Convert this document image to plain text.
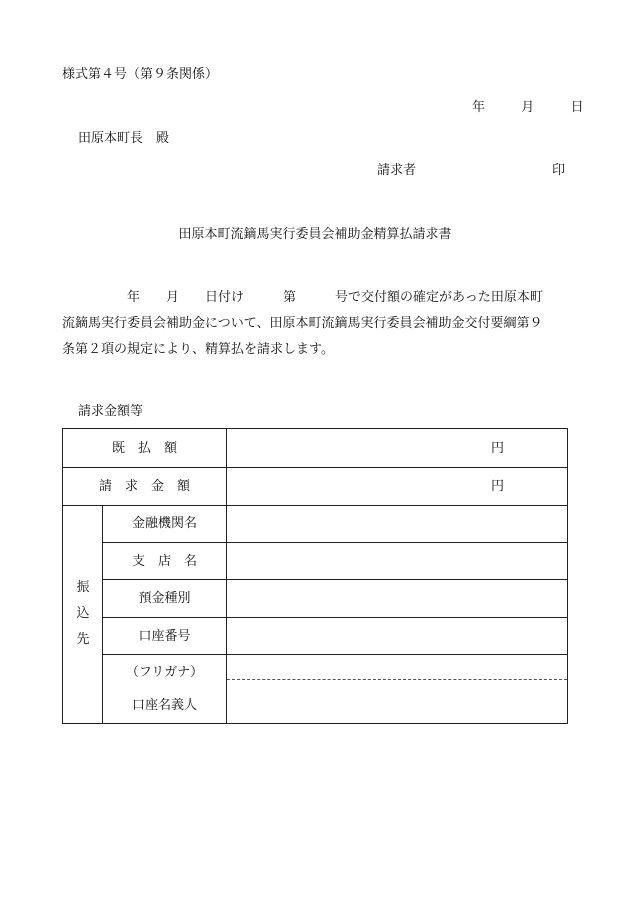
様式第４号（第９条関係）
年	月	日
田原本町長　殿
請求者	印
田原本町流鏑馬実行委員会補助金精算払請求書
　　　　　年　　月　　日付け　　　第　　　号で交付額の確定があった田原本町
流鏑馬実行委員会補助金について、田原本町流鏑馬実行委員会補助金交付要綱第９
条第２項の規定により、精算払を請求します。
請求金額等
既　払　額	円
請　求　金　額	円
振
込
先
金融機関名
支　店　名
預金種別
口座番号
（フリガナ）
口座名義人
